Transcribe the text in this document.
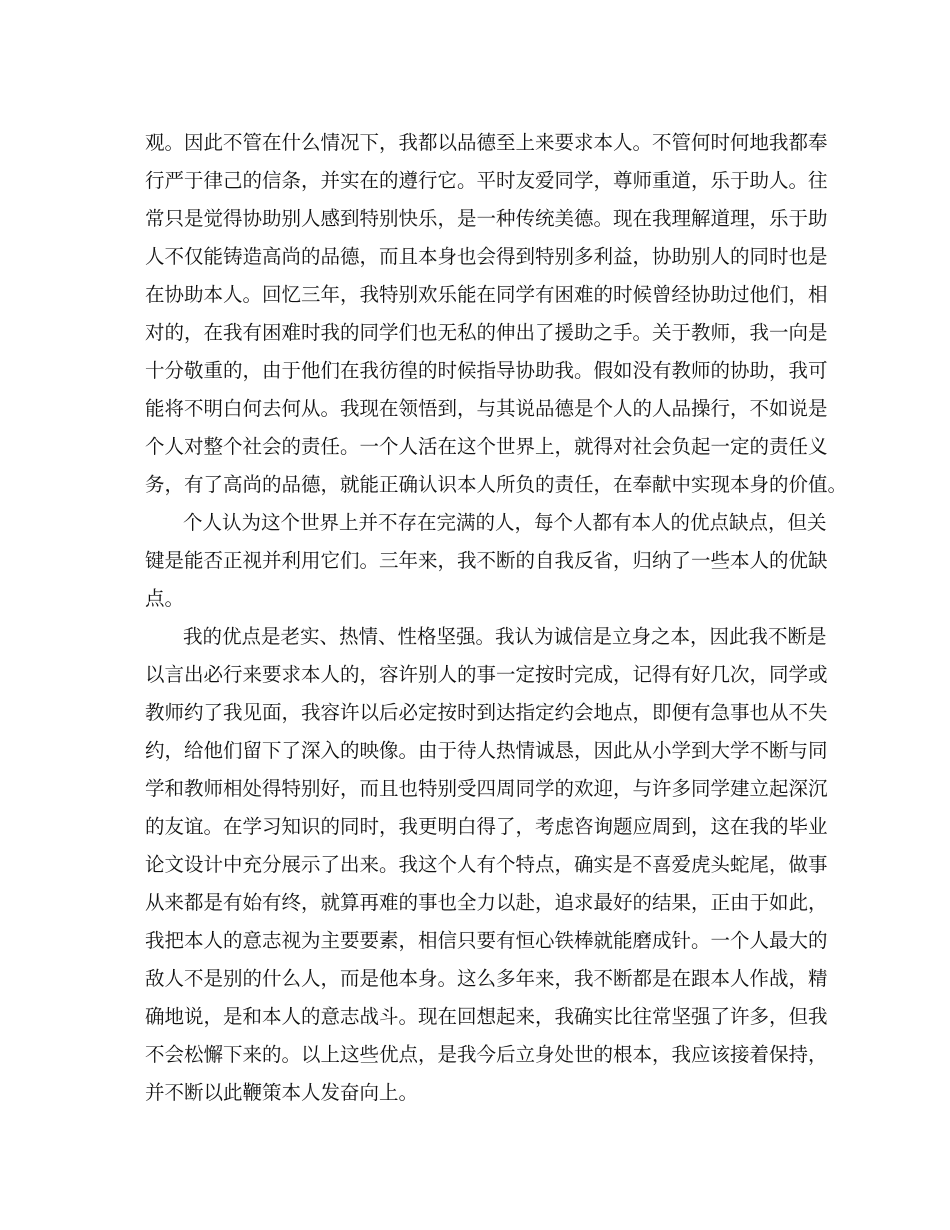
观。因此不管在什么情况下，我都以品德至上来要求本人。不管何时何地我都奉
行严于律己的信条，并实在的遵行它。平时友爱同学，尊师重道，乐于助人。往
常只是觉得协助别人感到特别快乐，是一种传统美德。现在我理解道理，乐于助
人不仅能铸造高尚的品德，而且本身也会得到特别多利益，协助别人的同时也是
在协助本人。回忆三年，我特别欢乐能在同学有困难的时候曾经协助过他们，相
对的，在我有困难时我的同学们也无私的伸出了援助之手。关于教师，我一向是
十分敬重的，由于他们在我彷徨的时候指导协助我。假如没有教师的协助，我可
能将不明白何去何从。我现在领悟到，与其说品德是个人的人品操行，不如说是
个人对整个社会的责任。一个人活在这个世界上，就得对社会负起一定的责任义
务，有了高尚的品德，就能正确认识本人所负的责任，在奉献中实现本身的价值。
个人认为这个世界上并不存在完满的人，每个人都有本人的优点缺点，但关
键是能否正视并利用它们。三年来，我不断的自我反省，归纳了一些本人的优缺
点。
我的优点是老实、热情、性格坚强。我认为诚信是立身之本，因此我不断是
以言出必行来要求本人的，容许别人的事一定按时完成，记得有好几次，同学或
教师约了我见面，我容许以后必定按时到达指定约会地点，即便有急事也从不失
约，给他们留下了深入的映像。由于待人热情诚恳，因此从小学到大学不断与同
学和教师相处得特别好，而且也特别受四周同学的欢迎，与许多同学建立起深沉
的友谊。在学习知识的同时，我更明白得了，考虑咨询题应周到，这在我的毕业
论文设计中充分展示了出来。我这个人有个特点，确实是不喜爱虎头蛇尾，做事
从来都是有始有终，就算再难的事也全力以赴，追求最好的结果，正由于如此，
我把本人的意志视为主要要素，相信只要有恒心铁棒就能磨成针。一个人最大的
敌人不是别的什么人，而是他本身。这么多年来，我不断都是在跟本人作战，精
确地说，是和本人的意志战斗。现在回想起来，我确实比往常坚强了许多，但我
不会松懈下来的。以上这些优点，是我今后立身处世的根本，我应该接着保持，
并不断以此鞭策本人发奋向上。
